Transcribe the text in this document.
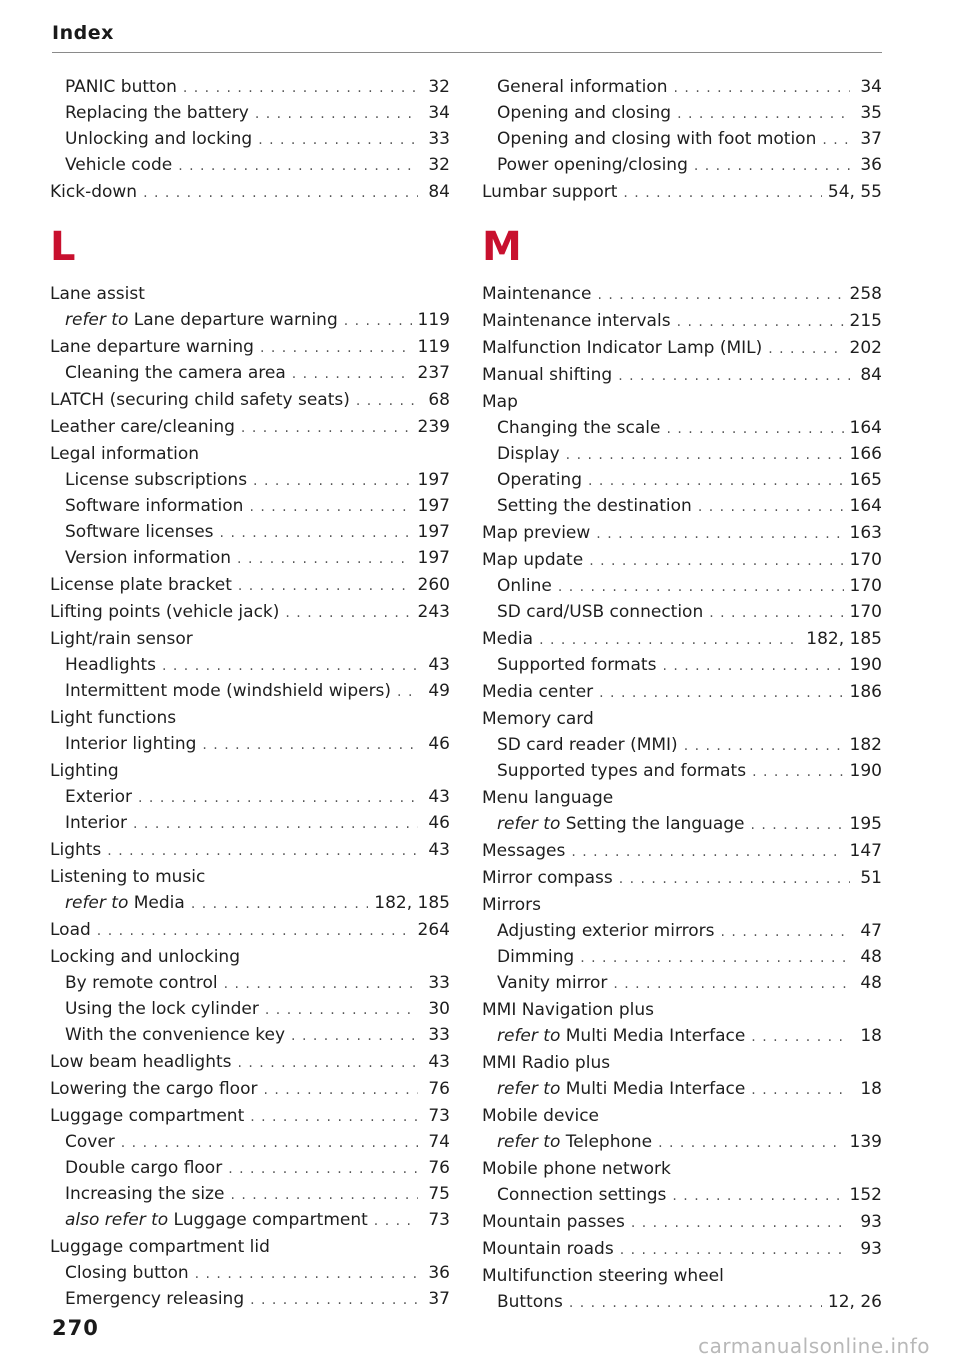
Index
PANIC button . . .	32
Replacing the battery . . .	34
Unlocking and locking . . .	33
Vehicle code . . .	32
Kick-down . . .	84
L
Lane assist
refer to Lane departure warning . . .	119
Lane departure warning . . .	119
Cleaning the camera area . . .	237
LATCH (securing child safety seats) . . .	68
Leather care/cleaning . . .	239
Legal information
License subscriptions . . .	197
Software information . . .	197
Software licenses . . .	197
Version information . . .	197
License plate bracket . . .	260
Lifting points (vehicle jack) . . .	243
Light/rain sensor
Headlights . . .	43
Intermittent mode (windshield wipers) . . . 49
Light functions
Interior lighting . . .	46
Lighting
Exterior . . .	43
Interior . . .	46
Lights . . .	43
Listening to music
refer to Media . . .	182, 185
Load . . .	264
Locking and unlocking
By remote control . . .	33
Using the lock cylinder . . .	30
With the convenience key . . .	33
Low beam headlights . . .	43
Lowering the cargo floor . . .	76
Luggage compartment . . .	73
Cover . . .	74
Double cargo floor . . .	76
Increasing the size . . .	75
also refer to Luggage compartment . . .	73
Luggage compartment lid
Closing button . . .	36
Emergency releasing . . .	37
General information . . .	34
Opening and closing . . .	35
Opening and closing with foot motion . . .	37
Power opening/closing . . .	36
Lumbar support . . .	54, 55
M
Maintenance . . .	258
Maintenance intervals . . .	215
Malfunction Indicator Lamp (MIL) . . .	202
Manual shifting . . .	84
Map
Changing the scale . . .	164
Display . . .	166
Operating . . .	165
Setting the destination . . .	164
Map preview . . .	163
Map update . . .	170
Online . . .	170
SD card/USB connection . . .	170
Media . . .	182, 185
Supported formats . . .	190
Media center . . .	186
Memory card
SD card reader (MMI) . . .	182
Supported types and formats . . .	190
Menu language
refer to Setting the language . . .	195
Messages . . .	147
Mirror compass . . .	51
Mirrors
Adjusting exterior mirrors . . .	47
Dimming . . .	48
Vanity mirror . . .	48
MMI Navigation plus
refer to Multi Media Interface . . .	18
MMI Radio plus
refer to Multi Media Interface . . .	18
Mobile device
refer to Telephone . . .	139
Mobile phone network
Connection settings . . .	152
Mountain passes . . .	93
Mountain roads . . .	93
Multifunction steering wheel
Buttons . . .	12, 26
270
carmanualsonline.info
